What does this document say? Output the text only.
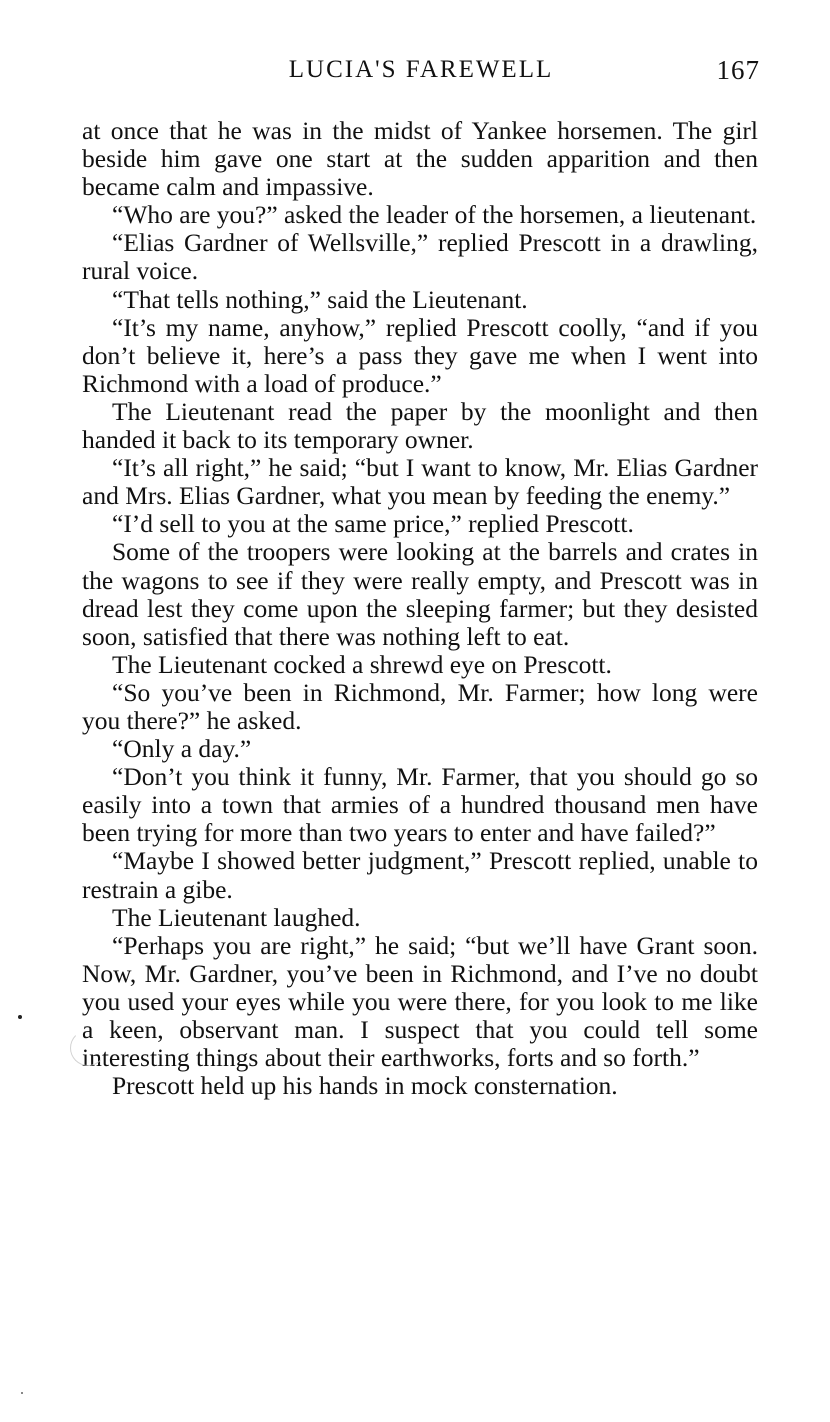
LUCIA'S FAREWELL	167

at once that he was in the midst of Yankee horsemen. The girl beside him gave one start at the sudden apparition and then became calm and impassive.

“Who are you?” asked the leader of the horsemen, a lieutenant.

“Elias Gardner of Wellsville,” replied Prescott in a drawling, rural voice.

“That tells nothing,” said the Lieutenant.

“It’s my name, anyhow,” replied Prescott coolly, “and if you don’t believe it, here’s a pass they gave me when I went into Richmond with a load of produce.”

The Lieutenant read the paper by the moonlight and then handed it back to its temporary owner.

“It’s all right,” he said; “but I want to know, Mr. Elias Gardner and Mrs. Elias Gardner, what you mean by feeding the enemy.”

“I’d sell to you at the same price,” replied Prescott.

Some of the troopers were looking at the barrels and crates in the wagons to see if they were really empty, and Prescott was in dread lest they come upon the sleeping farmer; but they desisted soon, satisfied that there was nothing left to eat.

The Lieutenant cocked a shrewd eye on Prescott.

“So you’ve been in Richmond, Mr. Farmer; how long were you there?” he asked.

“Only a day.”

“Don’t you think it funny, Mr. Farmer, that you should go so easily into a town that armies of a hundred thousand men have been trying for more than two years to enter and have failed?”

“Maybe I showed better judgment,” Prescott replied, unable to restrain a gibe.

The Lieutenant laughed.

“Perhaps you are right,” he said; “but we’ll have Grant soon. Now, Mr. Gardner, you’ve been in Richmond, and I’ve no doubt you used your eyes while you were there, for you look to me like a keen, observant man. I suspect that you could tell some interesting things about their earthworks, forts and so forth.”

Prescott held up his hands in mock consternation.
